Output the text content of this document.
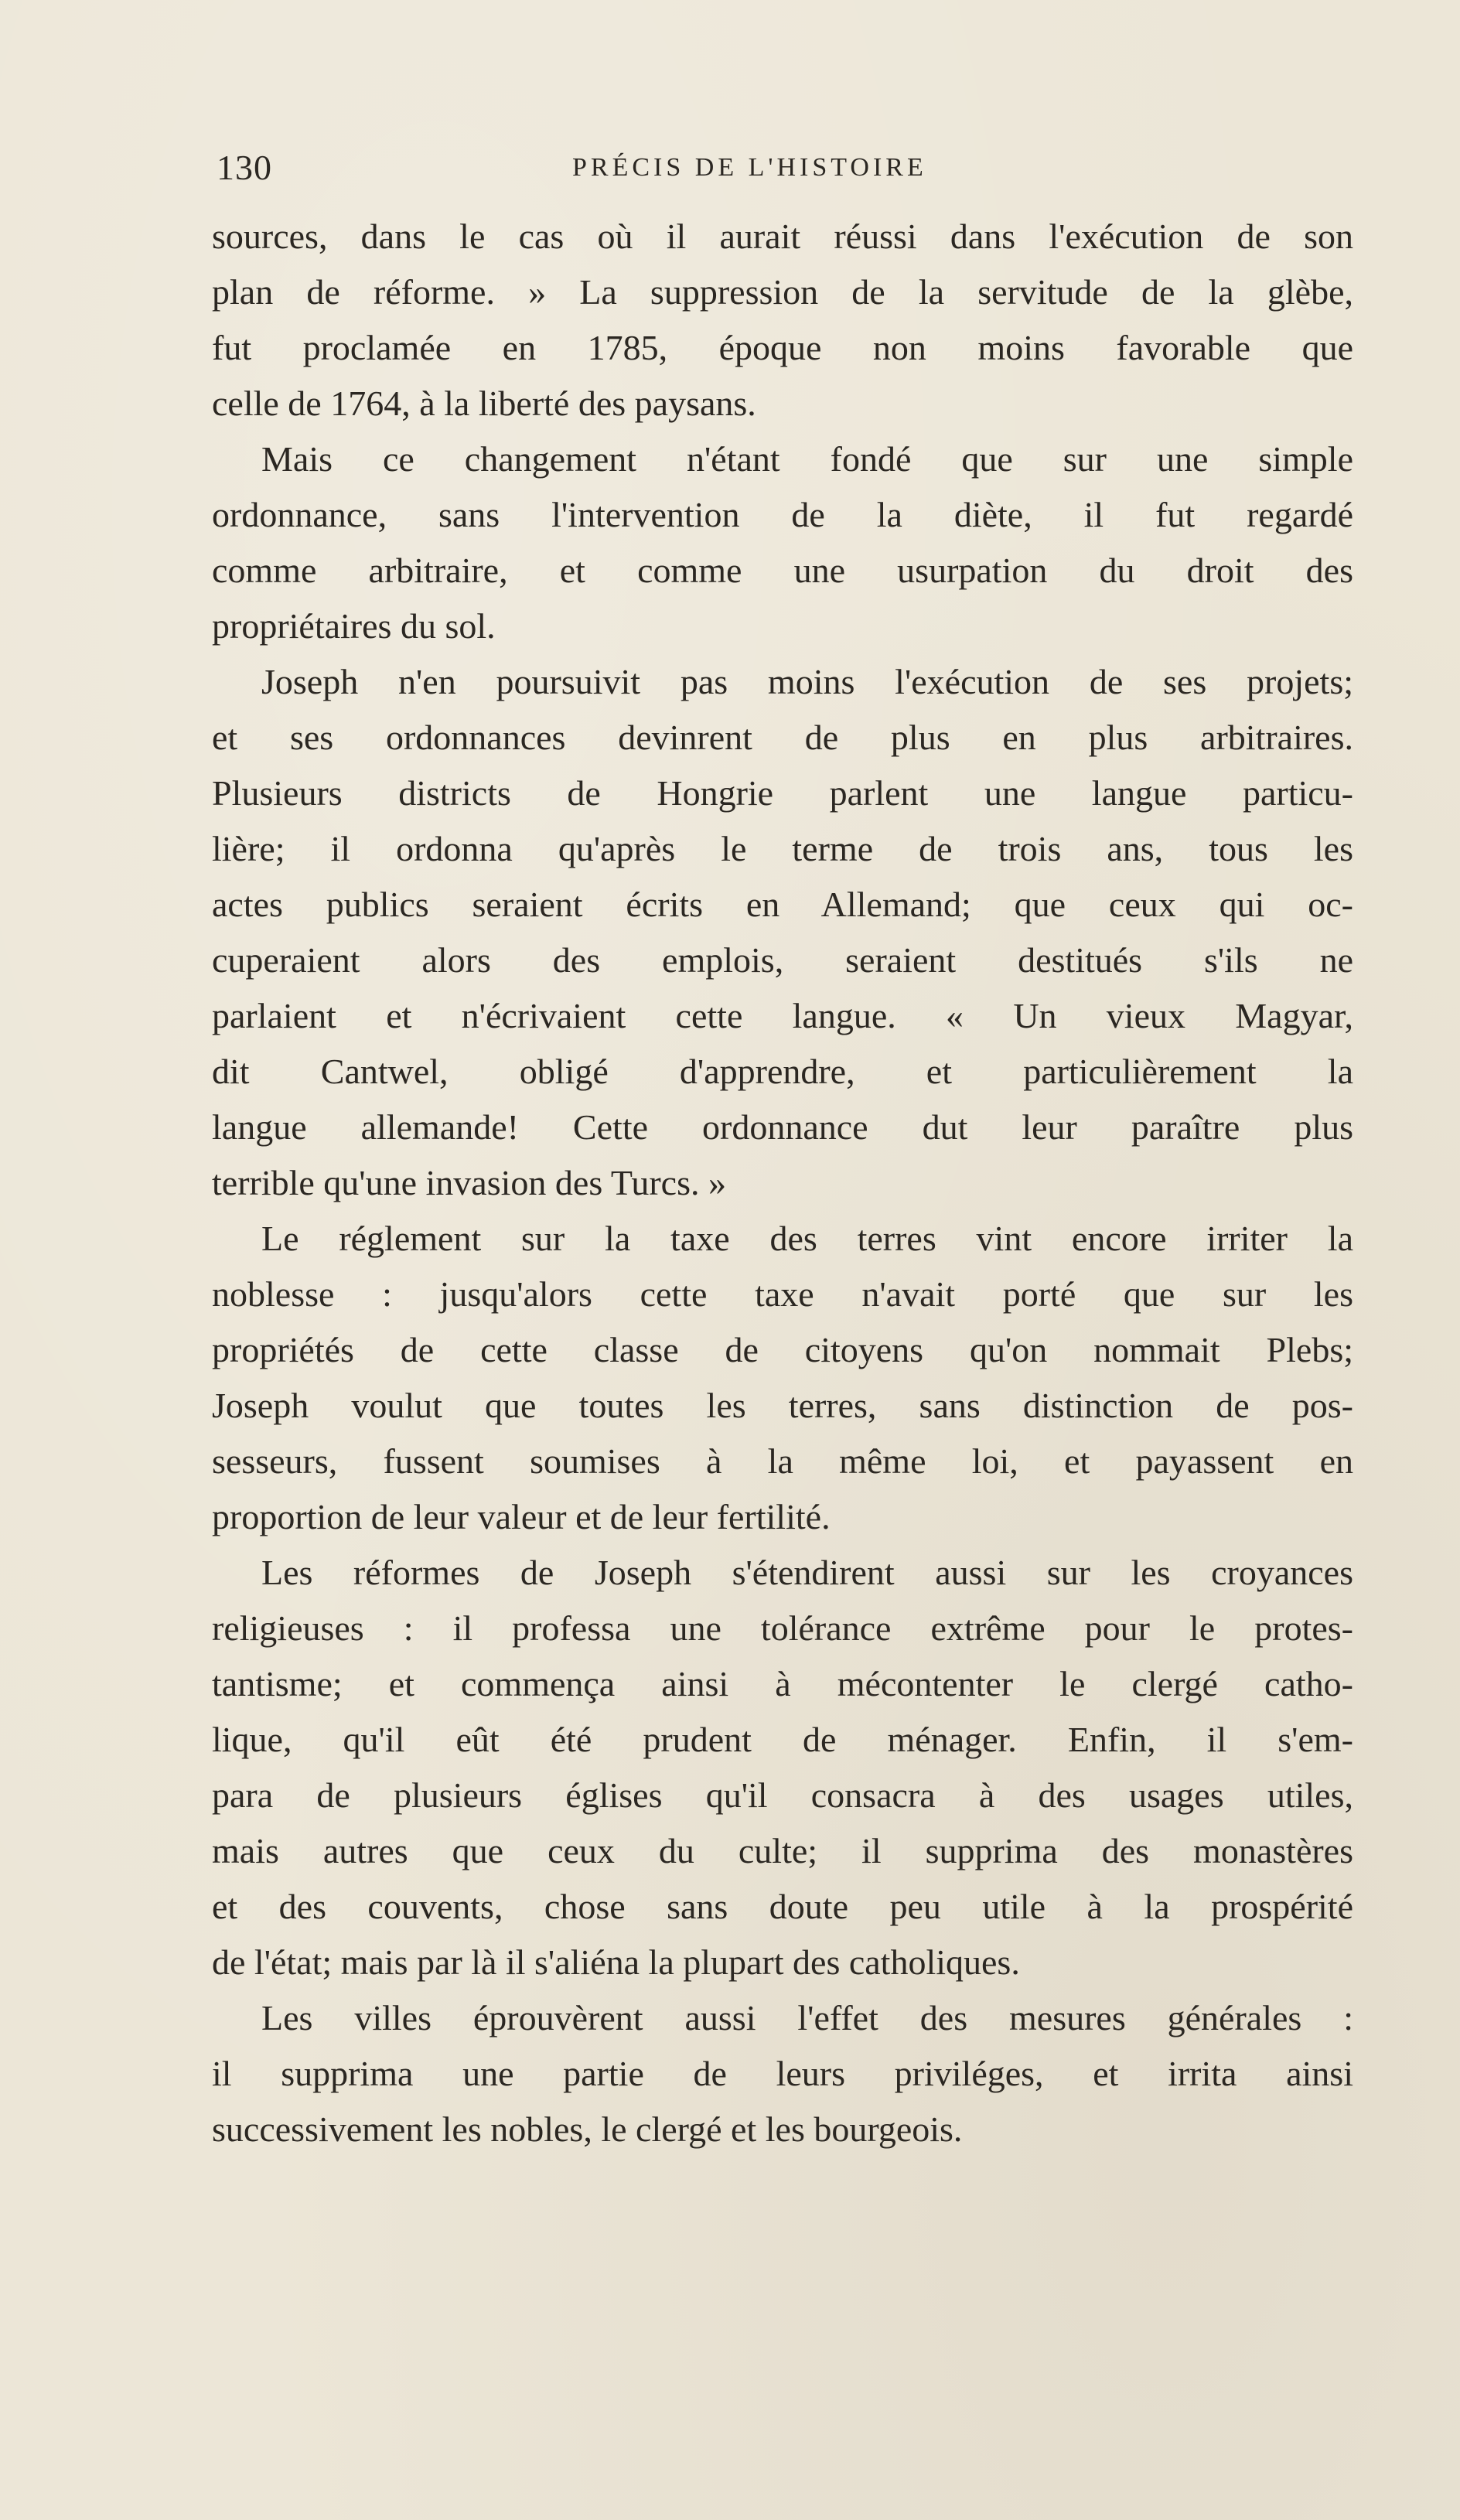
130	PRÉCIS DE L'HISTOIRE
sources, dans le cas où il aurait réussi dans l'exécution de son
plan de réforme. » La suppression de la servitude de la glèbe,
fut proclamée en 1785, époque non moins favorable que
celle de 1764, à la liberté des paysans.
Mais ce changement n'étant fondé que sur une simple
ordonnance, sans l'intervention de la diète, il fut regardé
comme arbitraire, et comme une usurpation du droit des
propriétaires du sol.
Joseph n'en poursuivit pas moins l'exécution de ses projets;
et ses ordonnances devinrent de plus en plus arbitraires.
Plusieurs districts de Hongrie parlent une langue particu-
lière; il ordonna qu'après le terme de trois ans, tous les
actes publics seraient écrits en Allemand; que ceux qui oc-
cuperaient alors des emplois, seraient destitués s'ils ne
parlaient et n'écrivaient cette langue. « Un vieux Magyar,
dit Cantwel, obligé d'apprendre, et particulièrement la
langue allemande! Cette ordonnance dut leur paraître plus
terrible qu'une invasion des Turcs. »
Le réglement sur la taxe des terres vint encore irriter la
noblesse : jusqu'alors cette taxe n'avait porté que sur les
propriétés de cette classe de citoyens qu'on nommait Plebs;
Joseph voulut que toutes les terres, sans distinction de pos-
sesseurs, fussent soumises à la même loi, et payassent en
proportion de leur valeur et de leur fertilité.
Les réformes de Joseph s'étendirent aussi sur les croyances
religieuses : il professa une tolérance extrême pour le protes-
tantisme; et commença ainsi à mécontenter le clergé catho-
lique, qu'il eût été prudent de ménager. Enfin, il s'em-
para de plusieurs églises qu'il consacra à des usages utiles,
mais autres que ceux du culte; il supprima des monastères
et des couvents, chose sans doute peu utile à la prospérité
de l'état; mais par là il s'aliéna la plupart des catholiques.
Les villes éprouvèrent aussi l'effet des mesures générales :
il supprima une partie de leurs priviléges, et irrita ainsi
successivement les nobles, le clergé et les bourgeois.
